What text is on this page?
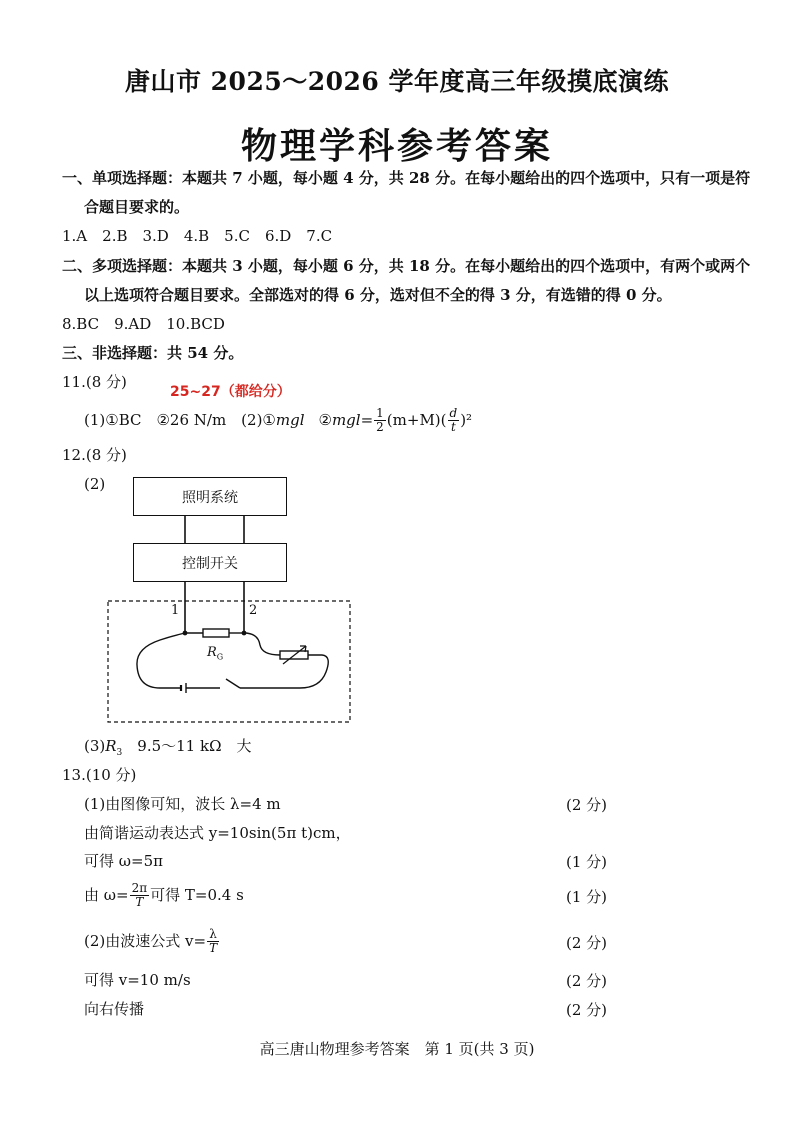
唐山市 2025～2026 学年度高三年级摸底演练
物理学科参考答案
一、单项选择题：本题共 7 小题，每小题 4 分，共 28 分。在每小题给出的四个选项中，只有一项是符
合题目要求的。
1.A　2.B　3.D　4.B　5.C　6.D　7.C
二、多项选择题：本题共 3 小题，每小题 6 分，共 18 分。在每小题给出的四个选项中，有两个或两个
以上选项符合题目要求。全部选对的得 6 分，选对但不全的得 3 分，有选错的得 0 分。
8.BC　9.AD　10.BCD
三、非选择题：共 54 分。
11.(8 分)
25~27（都给分）
(1)①BC　②26 N/m　(2)① mgl ② mgl = $\frac{1}{2} (m+M)( \frac{d}{t} )^2$
12.(8 分)
(2)
照明系统
控制开关
1	2
$R_G$
$(3)R_3$　9.5～11 kΩ　大
13.(10 分)
(1)由图像可知，波长 λ=4 m	(2 分)
由简谐运动表达式 y=10sin(5π t)cm，
可得 ω=5π	(1 分)
由 $\omega= \frac{2\pi}{T}$ 可得 T=0.4 s	(1 分)
(2)由波速公式 $v= \frac{\lambda}{T}$	(2 分)
可得 v=10 m/s	(2 分)
向右传播	(2 分)
高三唐山物理参考答案　第 1 页(共 3 页)
